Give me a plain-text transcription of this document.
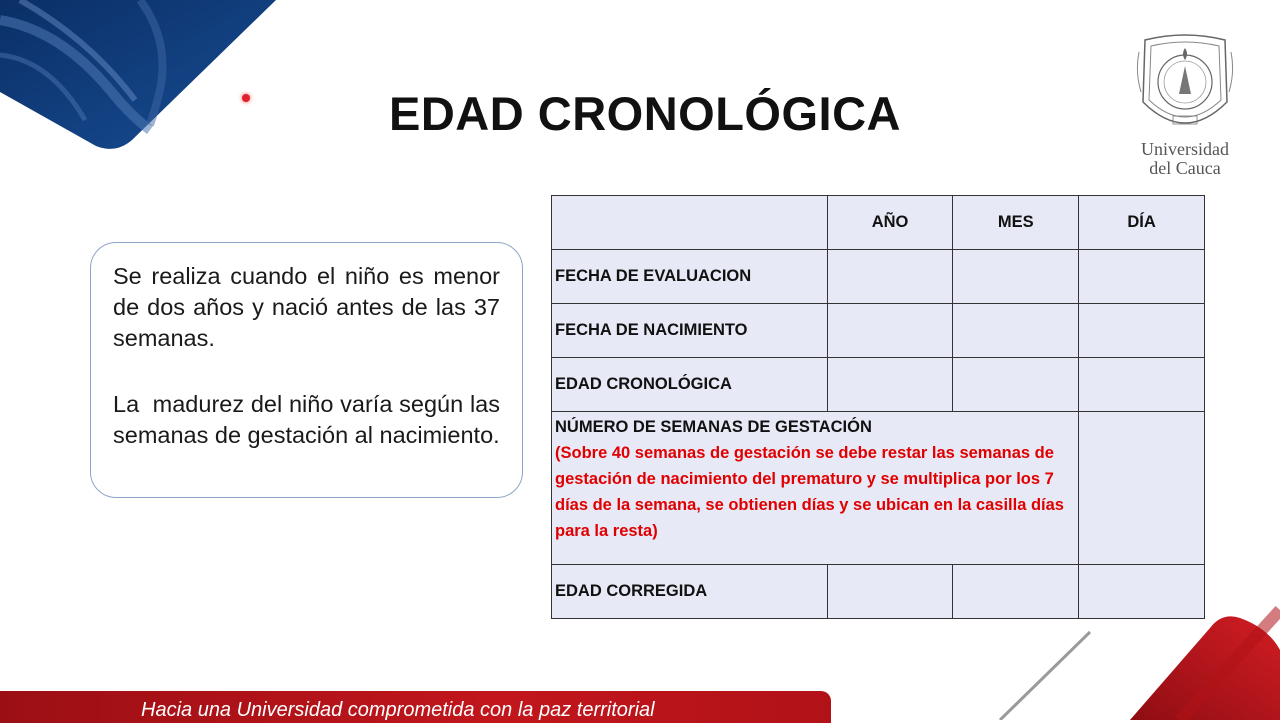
EDAD CRONOLÓGICA
Universidad
del Cauca

Se realiza cuando el niño es menor de dos años y nació antes de las 37 semanas.

La  madurez del niño varía según las semanas de gestación al nacimiento.

	AÑO	MES	DÍA
FECHA DE EVALUACION			
FECHA DE NACIMIENTO			
EDAD CRONOLÓGICA			

NÚMERO DE SEMANAS DE GESTACIÓN
(Sobre 40 semanas de gestación se debe restar las semanas de gestación de nacimiento del prematuro y se multiplica por los 7 días de la semana, se obtienen días y se ubican en la casilla días para la resta)			

EDAD CORREGIDA			
Hacia una Universidad comprometida con la paz territorial
